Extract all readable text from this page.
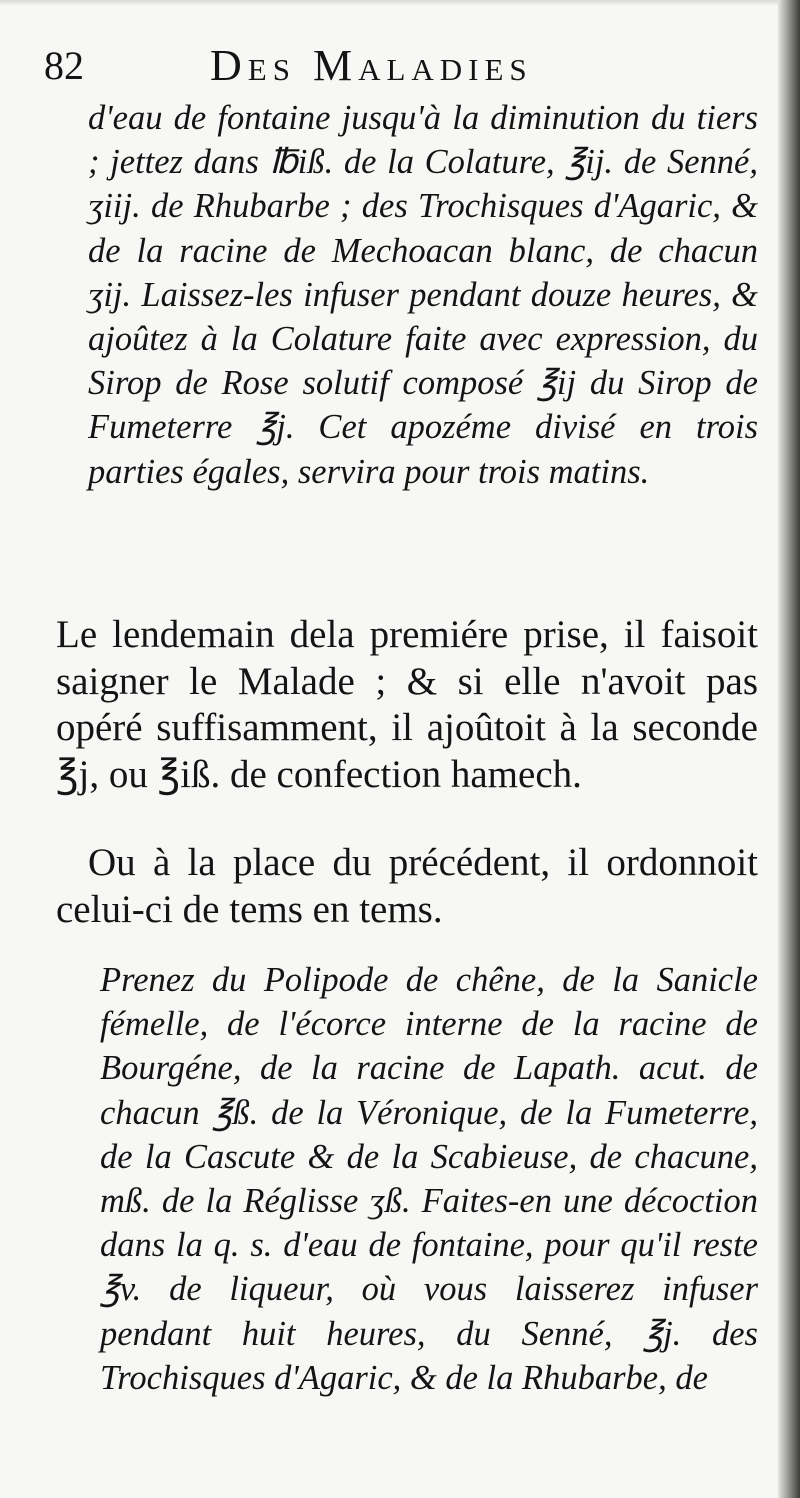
82	Des Maladies

d'eau de fontaine jusqu'à la diminution du tiers ; jettez dans ℔iß. de la Colature, ℥ij. de Senné, ʒiij. de Rhubarbe ; des Trochisques d'Agaric, & de la racine de Mechoacan blanc, de chacun ʒij. Laissez-les infuser pendant douze heures, & ajoûtez à la Colature faite avec expression, du Sirop de Rose solutif composé ℥ij du Sirop de Fumeterre ℥j. Cet apozéme divisé en trois parties égales, servira pour trois matins.

Le lendemain dela premiére prise, il faisoit saigner le Malade ; & si elle n'avoit pas opéré suffisamment, il ajoûtoit à la seconde ℥j, ou ℥iß. de confection hamech.

Ou à la place du précédent, il ordonnoit celui-ci de tems en tems.

Prenez du Polipode de chêne, de la Sanicle fémelle, de l'écorce interne de la racine de Bourgéne, de la racine de Lapath. acut. de chacun ℥ß. de la Véronique, de la Fumeterre, de la Cascute & de la Scabieuse, de chacune, mß. de la Réglisse ʒß. Faites-en une décoction dans la q. s. d'eau de fontaine, pour qu'il reste ℥v. de liqueur, où vous laisserez infuser pendant huit heures, du Senné, ℥j. des Trochisques d'Agaric, & de la Rhubarbe, de
